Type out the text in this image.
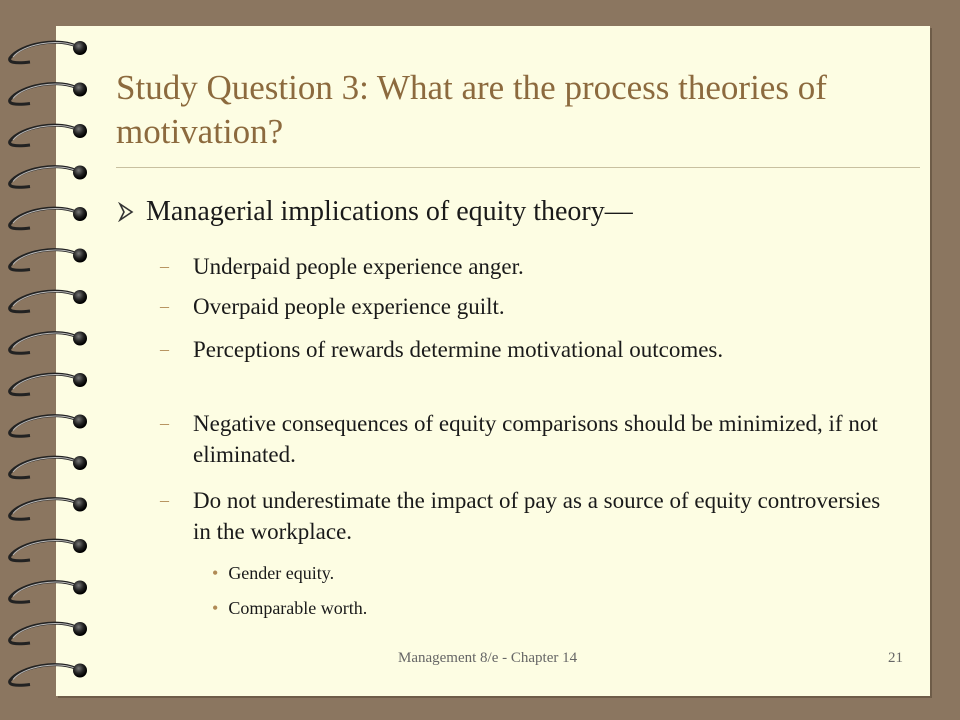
Study Question 3: What are the process theories of motivation?
Managerial implications of equity theory—
– Underpaid people experience anger.
– Overpaid people experience guilt.
– Perceptions of rewards determine motivational outcomes.
– Negative consequences of equity comparisons should be minimized, if not eliminated.
– Do not underestimate the impact of pay as a source of equity controversies in the workplace.
• Gender equity.
• Comparable worth.
Management 8/e - Chapter 14	21
